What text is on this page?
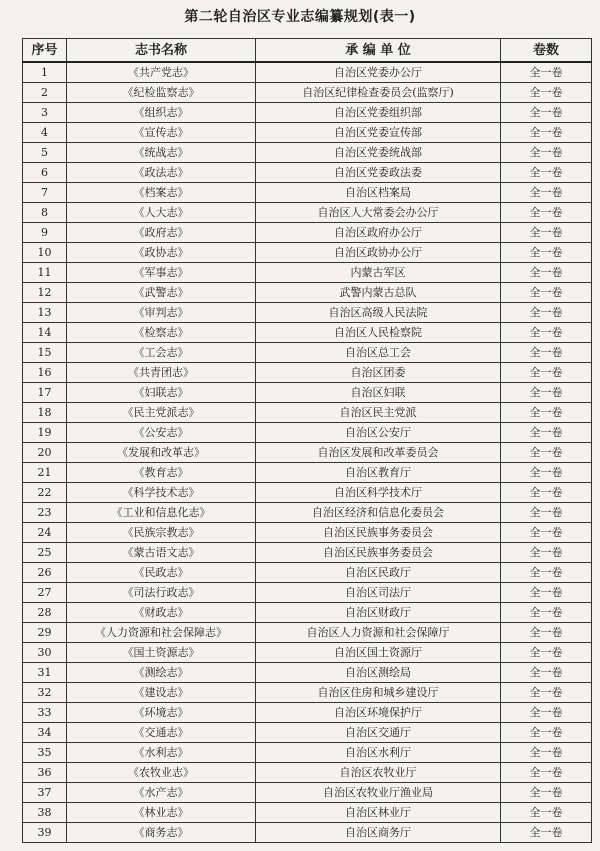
第二轮自治区专业志编纂规划(表一)
序号	志书名称	承 编 单 位	卷数
1	《共产党志》	自治区党委办公厅	全一卷
2	《纪检监察志》	自治区纪律检查委员会(监察厅)	全一卷
3	《组织志》	自治区党委组织部	全一卷
4	《宣传志》	自治区党委宣传部	全一卷
5	《统战志》	自治区党委统战部	全一卷
6	《政法志》	自治区党委政法委	全一卷
7	《档案志》	自治区档案局	全一卷
8	《人大志》	自治区人大常委会办公厅	全一卷
9	《政府志》	自治区政府办公厅	全一卷
10	《政协志》	自治区政协办公厅	全一卷
11	《军事志》	内蒙古军区	全一卷
12	《武警志》	武警内蒙古总队	全一卷
13	《审判志》	自治区高级人民法院	全一卷
14	《检察志》	自治区人民检察院	全一卷
15	《工会志》	自治区总工会	全一卷
16	《共青团志》	自治区团委	全一卷
17	《妇联志》	自治区妇联	全一卷
18	《民主党派志》	自治区民主党派	全一卷
19	《公安志》	自治区公安厅	全一卷
20	《发展和改革志》	自治区发展和改革委员会	全一卷
21	《教育志》	自治区教育厅	全一卷
22	《科学技术志》	自治区科学技术厅	全一卷
23	《工业和信息化志》	自治区经济和信息化委员会	全一卷
24	《民族宗教志》	自治区民族事务委员会	全一卷
25	《蒙古语文志》	自治区民族事务委员会	全一卷
26	《民政志》	自治区民政厅	全一卷
27	《司法行政志》	自治区司法厅	全一卷
28	《财政志》	自治区财政厅	全一卷
29	《人力资源和社会保障志》	自治区人力资源和社会保障厅	全一卷
30	《国土资源志》	自治区国土资源厅	全一卷
31	《测绘志》	自治区测绘局	全一卷
32	《建设志》	自治区住房和城乡建设厅	全一卷
33	《环境志》	自治区环境保护厅	全一卷
34	《交通志》	自治区交通厅	全一卷
35	《水利志》	自治区水利厅	全一卷
36	《农牧业志》	自治区农牧业厅	全一卷
37	《水产志》	自治区农牧业厅渔业局	全一卷
38	《林业志》	自治区林业厅	全一卷
39	《商务志》	自治区商务厅	全一卷
